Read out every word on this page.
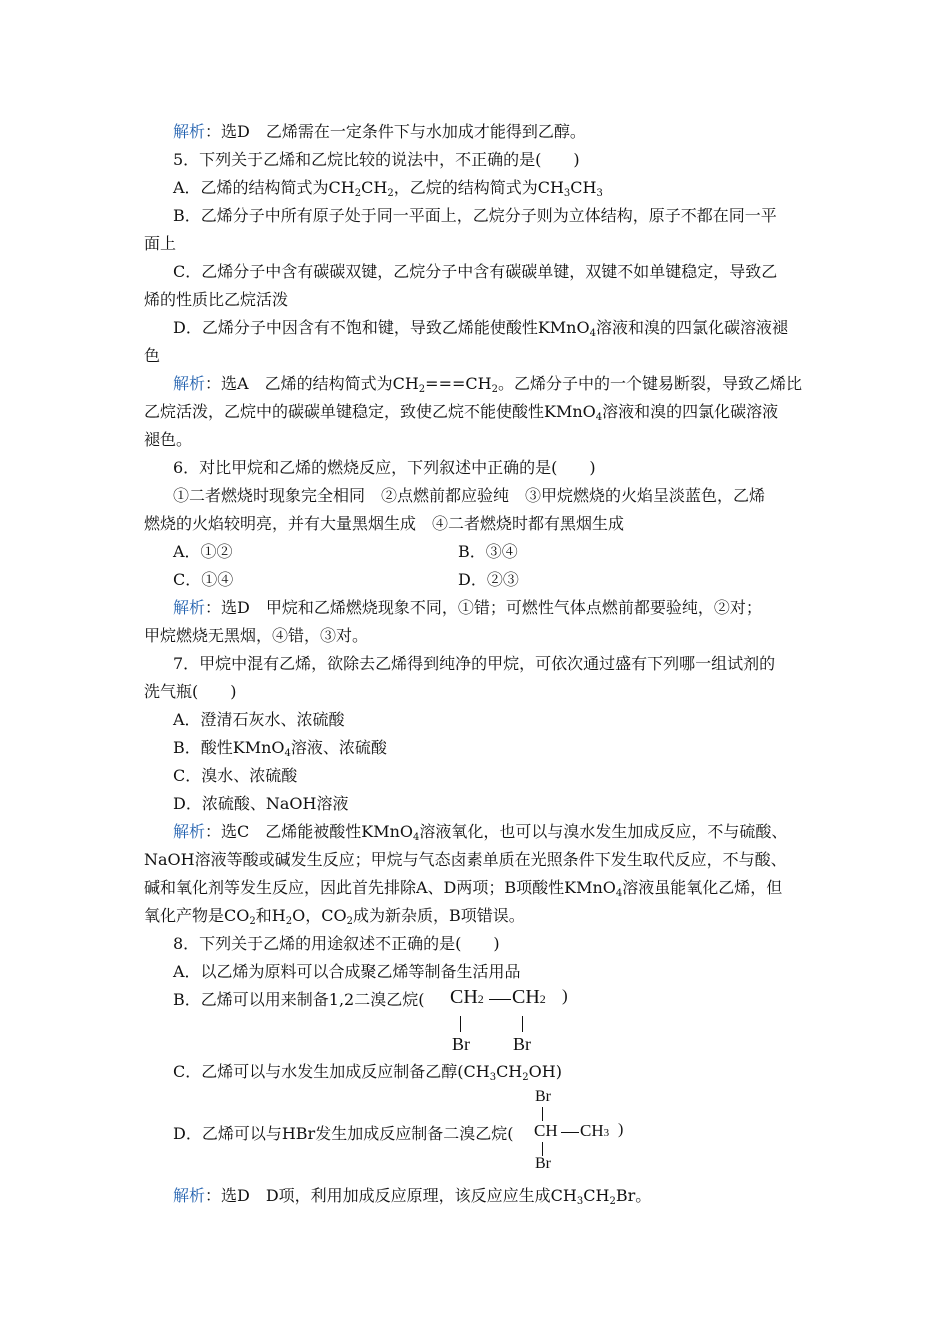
解析：选D　乙烯需在一定条件下与水加成才能得到乙醇。
5．下列关于乙烯和乙烷比较的说法中，不正确的是(　　)
A．乙烯的结构简式为$CH_2CH_2$，乙烷的结构简式为$CH_3CH_3$
B．乙烯分子中所有原子处于同一平面上，乙烷分子则为立体结构，原子不都在同一平
面上
C．乙烯分子中含有碳碳双键，乙烷分子中含有碳碳单键，双键不如单键稳定，导致乙
烯的性质比乙烷活泼
D．乙烯分子中因含有不饱和键，导致乙烯能使酸性KMnO$_4$溶液和溴的四氯化碳溶液褪
色
解析：选A　乙烯的结构简式为$CH_2===CH_2$。乙烯分子中的一个键易断裂，导致乙烯比
乙烷活泼，乙烷中的碳碳单键稳定，致使乙烷不能使酸性KMnO$_4$溶液和溴的四氯化碳溶液
褪色。
6．对比甲烷和乙烯的燃烧反应，下列叙述中正确的是(　　)
①二者燃烧时现象完全相同　②点燃前都应验纯　③甲烷燃烧的火焰呈淡蓝色，乙烯
燃烧的火焰较明亮，并有大量黑烟生成　④二者燃烧时都有黑烟生成
A．①②	B．③④
C．①④	D．②③
解析：选D　甲烷和乙烯燃烧现象不同，①错；可燃性气体点燃前都要验纯，②对；
甲烷燃烧无黑烟，④错，③对。
7．甲烷中混有乙烯，欲除去乙烯得到纯净的甲烷，可依次通过盛有下列哪一组试剂的
洗气瓶(　　)
A．澄清石灰水、浓硫酸
B．酸性KMnO$_4$溶液、浓硫酸
C．溴水、浓硫酸
D．浓硫酸、NaOH溶液
解析：选C　乙烯能被酸性KMnO$_4$溶液氧化，也可以与溴水发生加成反应，不与硫酸、
NaOH溶液等酸或碱发生反应；甲烷与气态卤素单质在光照条件下发生取代反应，不与酸、
碱和氧化剂等发生反应，因此首先排除A、D两项；B项酸性KMnO$_4$溶液虽能氧化乙烯，但
氧化产物是$CO_2$和$H_2O$，$CO_2$成为新杂质，B项错误。
8．下列关于乙烯的用途叙述不正确的是(　　)
A．以乙烯为原料可以合成聚乙烯等制备生活用品
B．乙烯可以用来制备1,2二溴乙烷( CH2 CH2
Br Br
)
C．乙烯可以与水发生加成反应制备乙醇$(CH_3CH_2OH)$
D．乙烯可以与HBr发生加成反应制备二溴乙烷(
Br
CH CH3
Br
)
解析：选D　D项，利用加成反应原理，该反应应生成$CH_3CH_2Br$。
